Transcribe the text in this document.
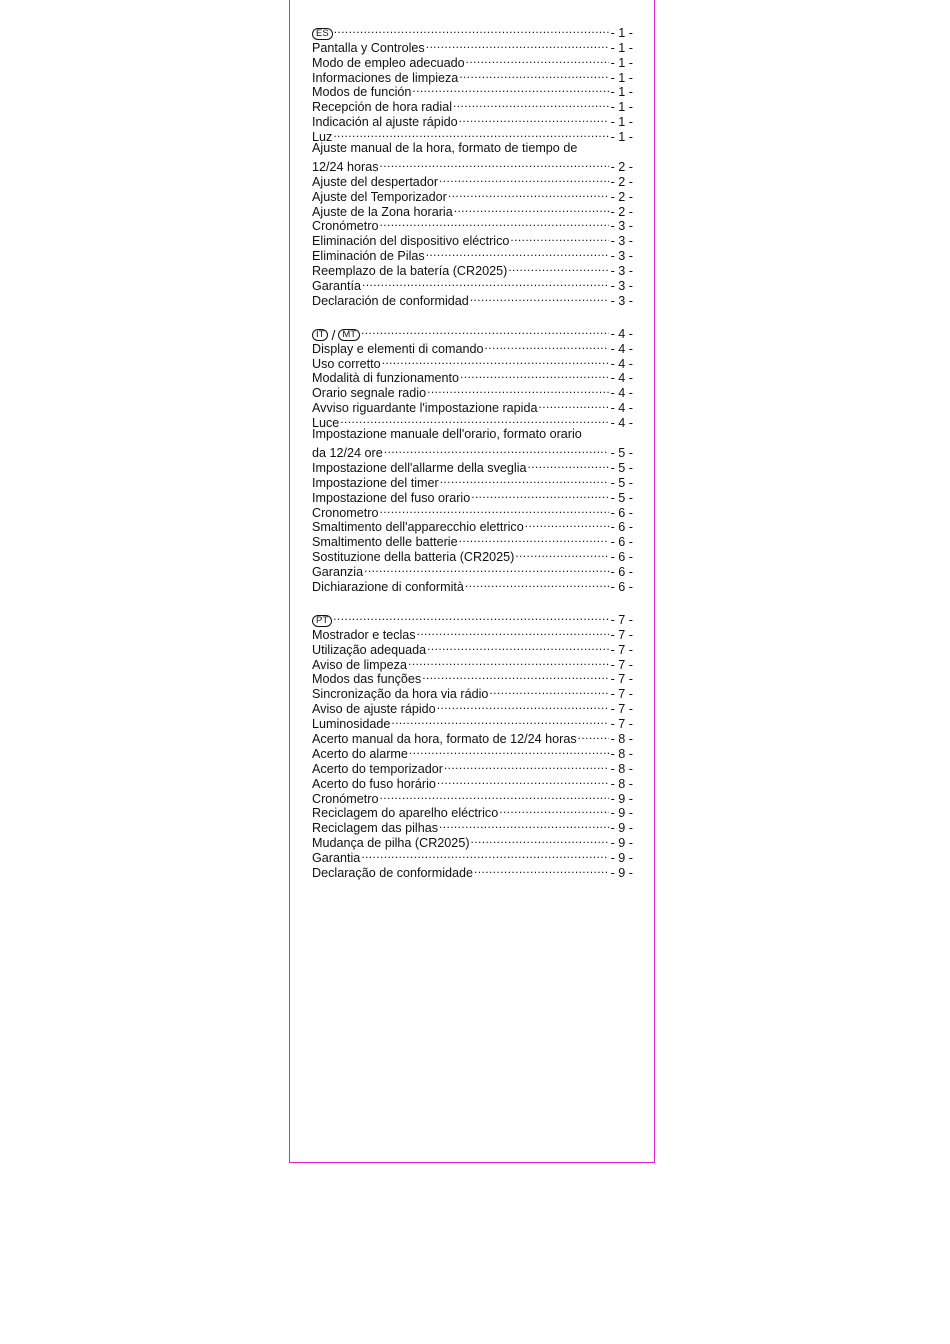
ES .....	- 1 -
Pantalla y Controles .....	- 1 -
Modo de empleo adecuado .....	- 1 -
Informaciones de limpieza .....	- 1 -
Modos de función .....	- 1 -
Recepción de hora radial .....	- 1 -
Indicación al ajuste rápido .....	- 1 -
Luz .....	- 1 -
Ajuste manual de la hora, formato de tiempo de
12/24 horas .....	- 2 -
Ajuste del despertador .....	- 2 -
Ajuste del Temporizador .....	- 2 -
Ajuste de la Zona horaria .....	- 2 -
Cronómetro .....	- 3 -
Eliminación del dispositivo eléctrico .....	- 3 -
Eliminación de Pilas .....	- 3 -
Reemplazo de la batería (CR2025) .....	- 3 -
Garantía .....	- 3 -
Declaración de conformidad .....	- 3 -
IT / MT .....	- 4 -
Display e elementi di comando .....	- 4 -
Uso corretto .....	- 4 -
Modalità di funzionamento .....	- 4 -
Orario segnale radio .....	- 4 -
Avviso riguardante l'impostazione rapida .....	- 4 -
Luce .....	- 4 -
Impostazione manuale dell'orario, formato orario
da 12/24 ore .....	- 5 -
Impostazione dell'allarme della sveglia .....	- 5 -
Impostazione del timer .....	- 5 -
Impostazione del fuso orario .....	- 5 -
Cronometro .....	- 6 -
Smaltimento dell'apparecchio elettrico .....	- 6 -
Smaltimento delle batterie .....	- 6 -
Sostituzione della batteria (CR2025) .....	- 6 -
Garanzia .....	- 6 -
Dichiarazione di conformità .....	- 6 -
PT .....	- 7 -
Mostrador e teclas .....	- 7 -
Utilização adequada .....	- 7 -
Aviso de limpeza .....	- 7 -
Modos das funções .....	- 7 -
Sincronização da hora via rádio .....	- 7 -
Aviso de ajuste rápido .....	- 7 -
Luminosidade .....	- 7 -
Acerto manual da hora, formato de 12/24 horas .....	- 8 -
Acerto do alarme .....	- 8 -
Acerto do temporizador .....	- 8 -
Acerto do fuso horário .....	- 8 -
Cronómetro .....	- 9 -
Reciclagem do aparelho eléctrico .....	- 9 -
Reciclagem das pilhas .....	- 9 -
Mudança de pilha (CR2025) .....	- 9 -
Garantia .....	- 9 -
Declaração de conformidade .....	- 9 -
